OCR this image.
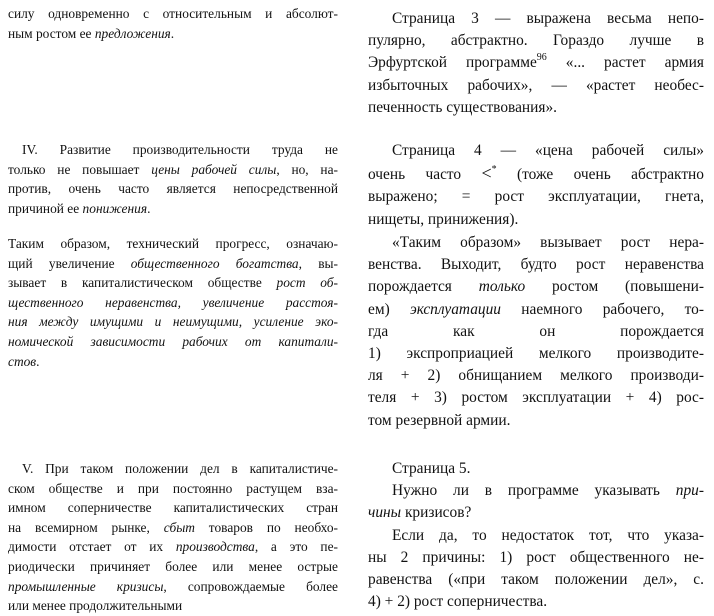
силу одновременно с относительным и абсолют-
ным ростом ее предложения.
IV. Развитие производительности труда не
только не повышает цены рабочей силы, но, на-
против, очень часто является непосредственной
причиной ее понижения.
Таким образом, технический прогресс, означаю-
щий увеличение общественного богатства, вы-
зывает в капиталистическом обществе рост об-
щественного неравенства, увеличение расстоя-
ния между имущими и неимущими, усиление эко-
номической зависимости рабочих от капитали-
стов.
V. При таком положении дел в капиталистиче-
ском обществе и при постоянно растущем вза-
имном соперничестве капиталистических стран
на всемирном рынке, сбыт товаров по необхо-
димости отстает от их производства, а это пе-
риодически причиняет более или менее острые
промышленные кризисы, сопровождаемые более
или менее продолжительными
Страница 3 — выражена весьма непо-
пулярно, абстрактно. Гораздо лучше в
Эрфуртской программе$^{96}$ «... растет армия
избыточных рабочих», — «растет необес-
печенность существования».
Страница 4 — «цена рабочей силы»
очень часто <* (тоже очень абстрактно
выражено; = рост эксплуатации, гнета,
нищеты, принижения).
«Таким образом» вызывает рост нера-
венства. Выходит, будто рост неравенства
порождается только ростом (повышени-
ем) эксплуатации наемного рабочего, то-
гда как он порождается
1) экспроприацией мелкого производите-
ля + 2) обнищанием мелкого производи-
теля + 3) ростом эксплуатации + 4) рос-
том резервной армии.
Страница 5.
Нужно ли в программе указывать при-
чины кризисов?
Если да, то недостаток тот, что указа-
ны 2 причины: 1) рост общественного не-
равенства («при таком положении дел», с.
4) + 2) рост соперничества.
